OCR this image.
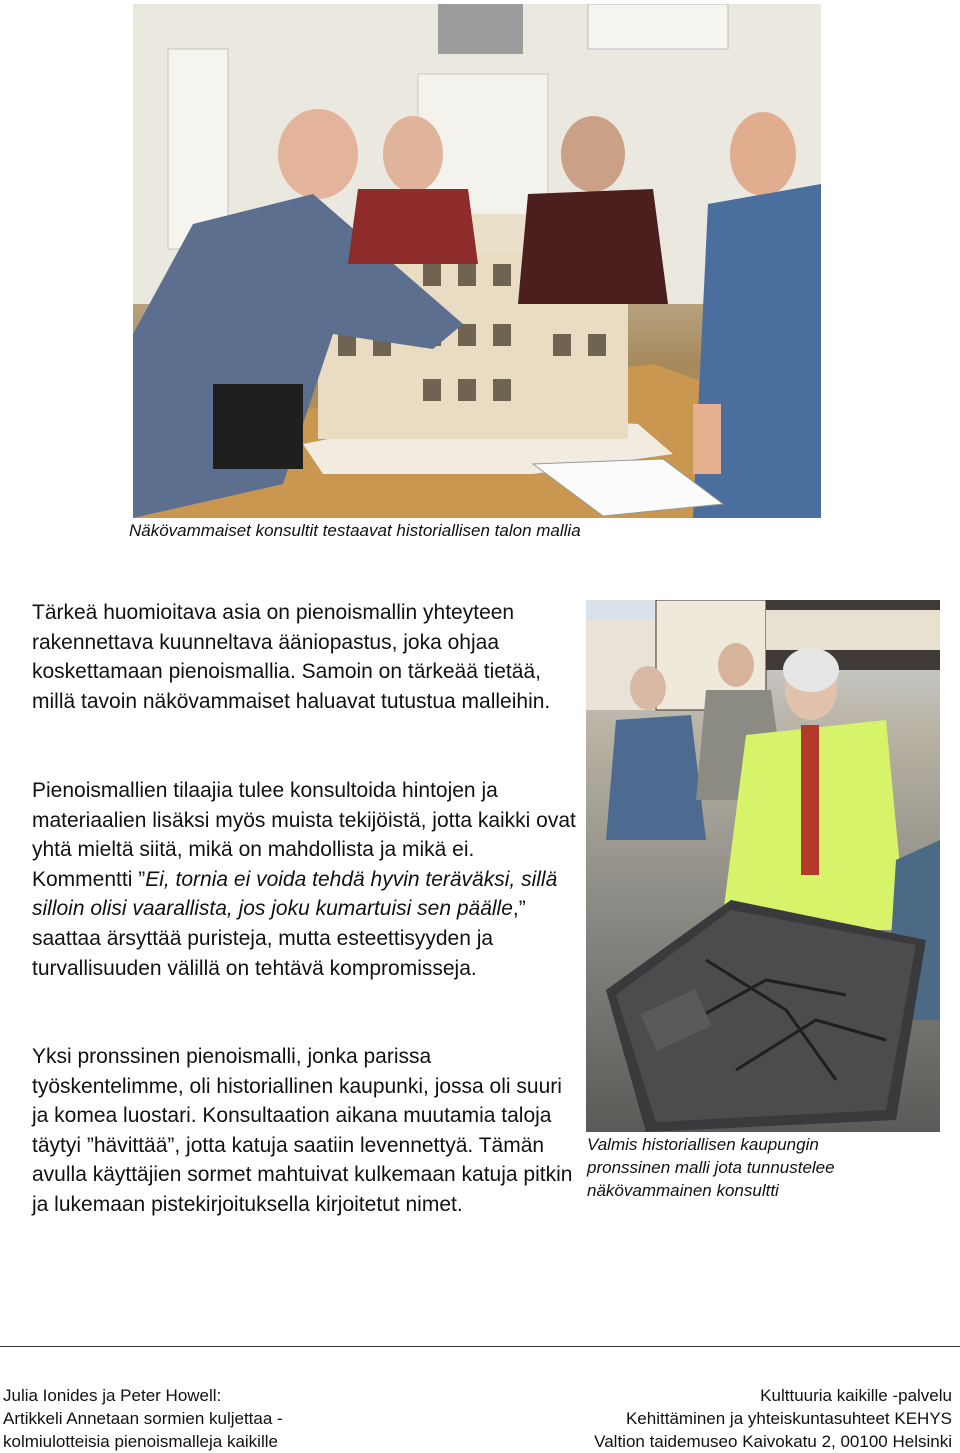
Näkövammaiset konsultit testaavat historiallisen talon mallia

Tärkeä huomioitava asia on pienoismallin yhteyteen rakennettava kuunneltava ääniopastus, joka ohjaa koskettamaan pienoismallia. Samoin on tärkeää tietää, millä tavoin näkövammaiset haluavat tutustua malleihin.

Pienoismallien tilaajia tulee konsultoida hintojen ja materiaalien lisäksi myös muista tekijöistä, jotta kaikki ovat yhtä mieltä siitä, mikä on mahdollista ja mikä ei. Kommentti ”Ei, tornia ei voida tehdä hyvin teräväksi, sillä silloin olisi vaarallista, jos joku kumartuisi sen päälle,” saattaa ärsyttää puristeja, mutta esteettisyyden ja turvallisuuden välillä on tehtävä kompromisseja.

Yksi pronssinen pienoismalli, jonka parissa työskentelimme, oli historiallinen kaupunki, jossa oli suuri ja komea luostari. Konsultaation aikana muutamia taloja täytyi ”hävittää”, jotta katuja saatiin levennettyä. Tämän avulla käyttäjien sormet mahtuivat kulkemaan katuja pitkin ja lukemaan pistekirjoituksella kirjoitetut nimet.

Valmis historiallisen kaupungin pronssinen malli jota tunnustelee näkövammainen konsultti
Julia Ionides ja Peter Howell:
Artikkeli Annetaan sormien kuljettaa -
kolmiulotteisia pienoismalleja kaikille
Kulttuuria kaikille -palvelu
Kehittäminen ja yhteiskuntasuhteet KEHYS
Valtion taidemuseo Kaivokatu 2, 00100 Helsinki
